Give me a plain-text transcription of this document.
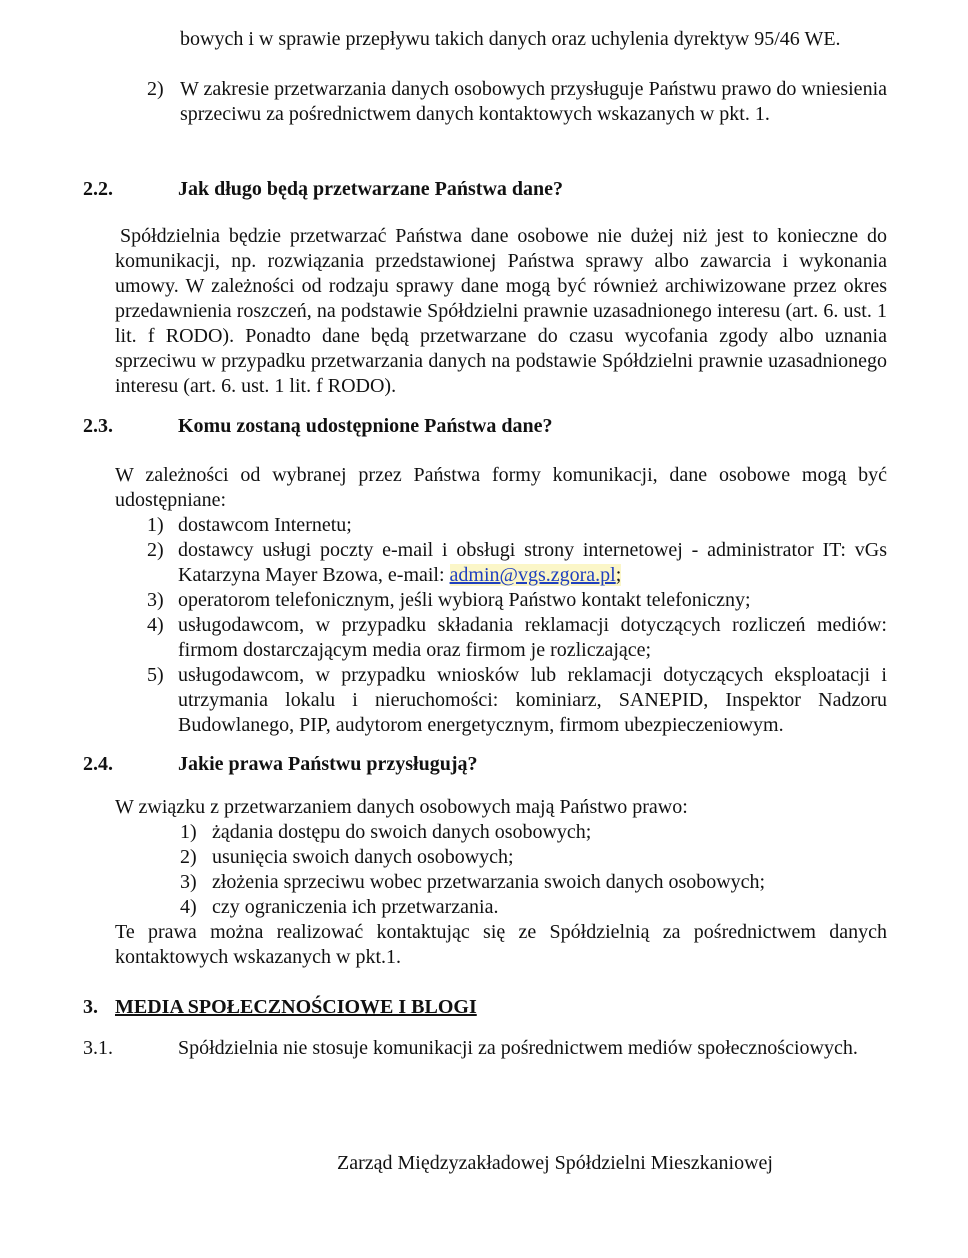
bowych i w sprawie przepływu takich danych oraz uchylenia dyrektyw 95/46 WE.
2) W zakresie przetwarzania danych osobowych przysługuje Państwu prawo do wniesienia sprzeciwu za pośrednictwem danych kontaktowych wskazanych w pkt. 1.
2.2.	Jak długo będą przetwarzane Państwa dane?
Spółdzielnia będzie przetwarzać Państwa dane osobowe nie dużej niż jest to konieczne do komunikacji, np. rozwiązania przedstawionej Państwa sprawy albo zawarcia i wykonania umowy. W zależności od rodzaju sprawy dane mogą być również archiwizowane przez okres przedawnienia roszczeń, na podstawie Spółdzielni prawnie uzasadnionego interesu (art. 6. ust. 1 lit. f RODO). Ponadto dane będą przetwarzane do czasu wycofania zgody albo uznania sprzeciwu w przypadku przetwarzania danych na podstawie Spółdzielni prawnie uzasadnionego interesu (art. 6. ust. 1 lit. f RODO).
2.3.	Komu zostaną udostępnione Państwa dane?
W zależności od wybranej przez Państwa formy komunikacji, dane osobowe mogą być udostępniane:
1) dostawcom Internetu;
2) dostawcy usługi poczty e-mail i obsługi strony internetowej - administrator IT: vGs Katarzyna Mayer Bzowa, e-mail: admin@vgs.zgora.pl;
3) operatorom telefonicznym, jeśli wybiorą Państwo kontakt telefoniczny;
4) usługodawcom, w przypadku składania reklamacji dotyczących rozliczeń mediów: firmom dostarczającym media oraz firmom je rozliczające;
5) usługodawcom, w przypadku wniosków lub reklamacji dotyczących eksploatacji i utrzymania lokalu i nieruchomości: kominiarz, SANEPID, Inspektor Nadzoru Budowlanego, PIP, audytorom energetycznym, firmom ubezpieczeniowym.
2.4.	Jakie prawa Państwu przysługują?
W związku z przetwarzaniem danych osobowych mają Państwo prawo:
1) żądania dostępu do swoich danych osobowych;
2) usunięcia swoich danych osobowych;
3) złożenia sprzeciwu wobec przetwarzania swoich danych osobowych;
4) czy ograniczenia ich przetwarzania.
Te prawa można realizować kontaktując się ze Spółdzielnią za pośrednictwem danych kontaktowych wskazanych w pkt.1.
3. MEDIA SPOŁECZNOŚCIOWE I BLOGI
3.1.	Spółdzielnia nie stosuje komunikacji za pośrednictwem mediów społecznościowych.
Zarząd Międzyzakładowej Spółdzielni Mieszkaniowej
